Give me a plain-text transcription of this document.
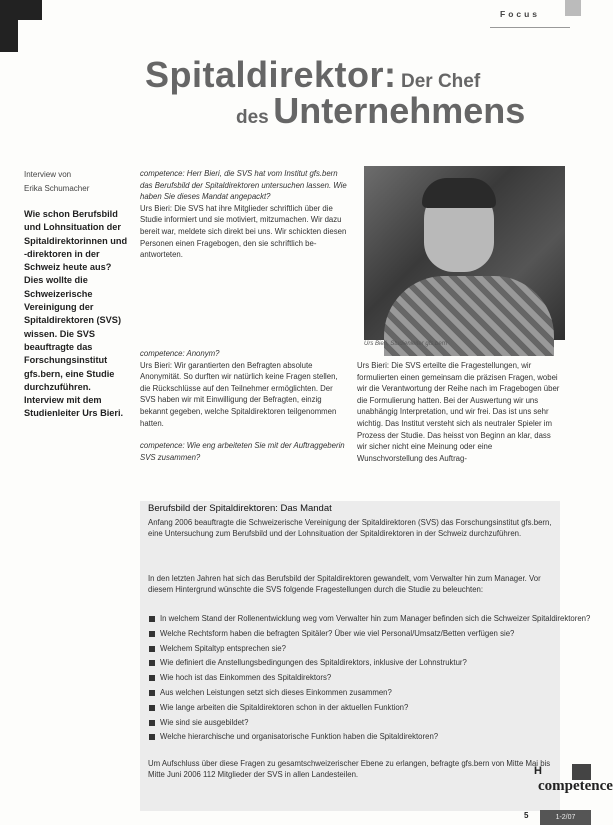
Focus
Spitaldirektor: Der Chef
des Unternehmens
Interview von
Erika Schumacher
Wie schon Berufsbild und Lohnsituation der Spitaldirektorinnen und -direktoren in der Schweiz heute aus? Dies wollte die Schweizerische Vereinigung der Spitaldirektoren (SVS) wissen. Die SVS beauftragte das Forschungsinstitut gfs.bern, eine Studie durchzuführen. Interview mit dem Studienleiter Urs Bieri.
competence: Herr Bieri, die SVS hat vom Institut gfs.bern das Berufsbild der Spitaldirektoren untersuchen lassen. Wie haben Sie dieses Mandat angepackt?
Urs Bieri: Die SVS hat ihre Mitglieder schriftlich über die Studie informiert und sie motiviert, mitzumachen. Wir dazu bereit war, meldete sich direkt bei uns. Wir schickten diesen Personen einen Fragebogen, den sie schriftlich beantworteten.
competence: Anonym?
Urs Bieri: Wir garantierten den Befragten absolute Anonymität. So durften wir natürlich keine Fragen stellen, die Rückschlüsse auf den Teilnehmer ermöglichten. Der SVS haben wir mit Einwilligung der Befragten, einzig bekannt gegeben, welche Spitaldirektoren teilgenommen hatten.
competence: Wie eng arbeiteten Sie mit der Auftraggeberin SVS zusammen?
Urs Bieri, Studienleiter gfs.bern
Urs Bieri: Die SVS erteilte die Fragestellungen, wir formulierten einen gemeinsam die präzisen Fragen, wobei wir die Verantwortung der Reihe nach im Fragebogen über die Formulierung hatten. Bei der Auswertung wir uns unabhängig Interpretation, und wir frei. Das ist uns sehr wichtig. Das Institut versteht sich als neutraler Spieler im Prozess der Studie. Das heisst von Beginn an klar, dass wir sicher nicht eine Meinung oder eine Wunschvorstellung des Auftrag-
Berufsbild der Spitaldirektoren: Das Mandat
Anfang 2006 beauftragte die Schweizerische Vereinigung der Spitaldirektoren (SVS) das Forschungsinstitut gfs.bern, eine Untersuchung zum Berufsbild und der Lohnsituation der Spitaldirektoren in der Schweiz durchzuführen.
In den letzten Jahren hat sich das Berufsbild der Spitaldirektoren gewandelt, vom Verwalter hin zum Manager. Vor diesem Hintergrund wünschte die SVS folgende Fragestellungen durch die Studie zu beleuchten:
In welchem Stand der Rollenentwicklung weg vom Verwalter hin zum Manager befinden sich die Schweizer Spitaldirektoren?
Welche Rechtsform haben die befragten Spitäler? Über wie viel Personal/Umsatz/Betten verfügen sie?
Welchem Spitaltyp entsprechen sie?
Wie definiert die Anstellungsbedingungen des Spitaldirektors, inklusive der Lohnstruktur?
Wie hoch ist das Einkommen des Spitaldirektors?
Aus welchen Leistungen setzt sich dieses Einkommen zusammen?
Wie lange arbeiten die Spitaldirektoren schon in der aktuellen Funktion?
Wie sind sie ausgebildet?
Welche hierarchische und organisatorische Funktion haben die Spitaldirektoren?
Um Aufschluss über diese Fragen zu gesamtschweizerischer Ebene zu erlangen, befragte gfs.bern von Mitte Mai bis Mitte Juni 2006 112 Mitglieder der SVS in allen Landesteilen.
5
H
competence
1-2/07
